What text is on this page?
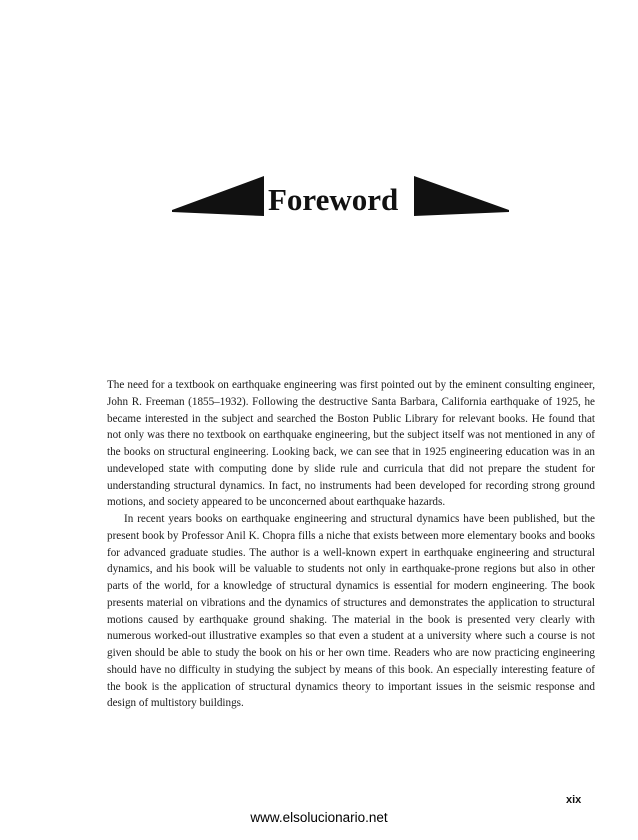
Foreword

The need for a textbook on earthquake engineering was first pointed out by the eminent consulting engineer, John R. Freeman (1855–1932). Following the destructive Santa Barbara, California earthquake of 1925, he became interested in the subject and searched the Boston Public Library for relevant books. He found that not only was there no textbook on earthquake engineering, but the subject itself was not mentioned in any of the books on structural engineering. Looking back, we can see that in 1925 engineering education was in an undeveloped state with computing done by slide rule and curricula that did not prepare the student for understanding structural dynamics. In fact, no instruments had been developed for recording strong ground motions, and society appeared to be unconcerned about earthquake hazards.

In recent years books on earthquake engineering and structural dynamics have been published, but the present book by Professor Anil K. Chopra fills a niche that exists between more elementary books and books for advanced graduate studies. The author is a well-known expert in earthquake engineering and structural dynamics, and his book will be valuable to students not only in earthquake-prone regions but also in other parts of the world, for a knowledge of structural dynamics is essential for modern engineering. The book presents material on vibrations and the dynamics of structures and demonstrates the application to structural motions caused by earthquake ground shaking. The material in the book is presented very clearly with numerous worked-out illustrative examples so that even a student at a university where such a course is not given should be able to study the book on his or her own time. Readers who are now practicing engineering should have no difficulty in studying the subject by means of this book. An especially interesting feature of the book is the application of structural dynamics theory to important issues in the seismic response and design of multistory buildings.

xix
www.elsolucionario.net
